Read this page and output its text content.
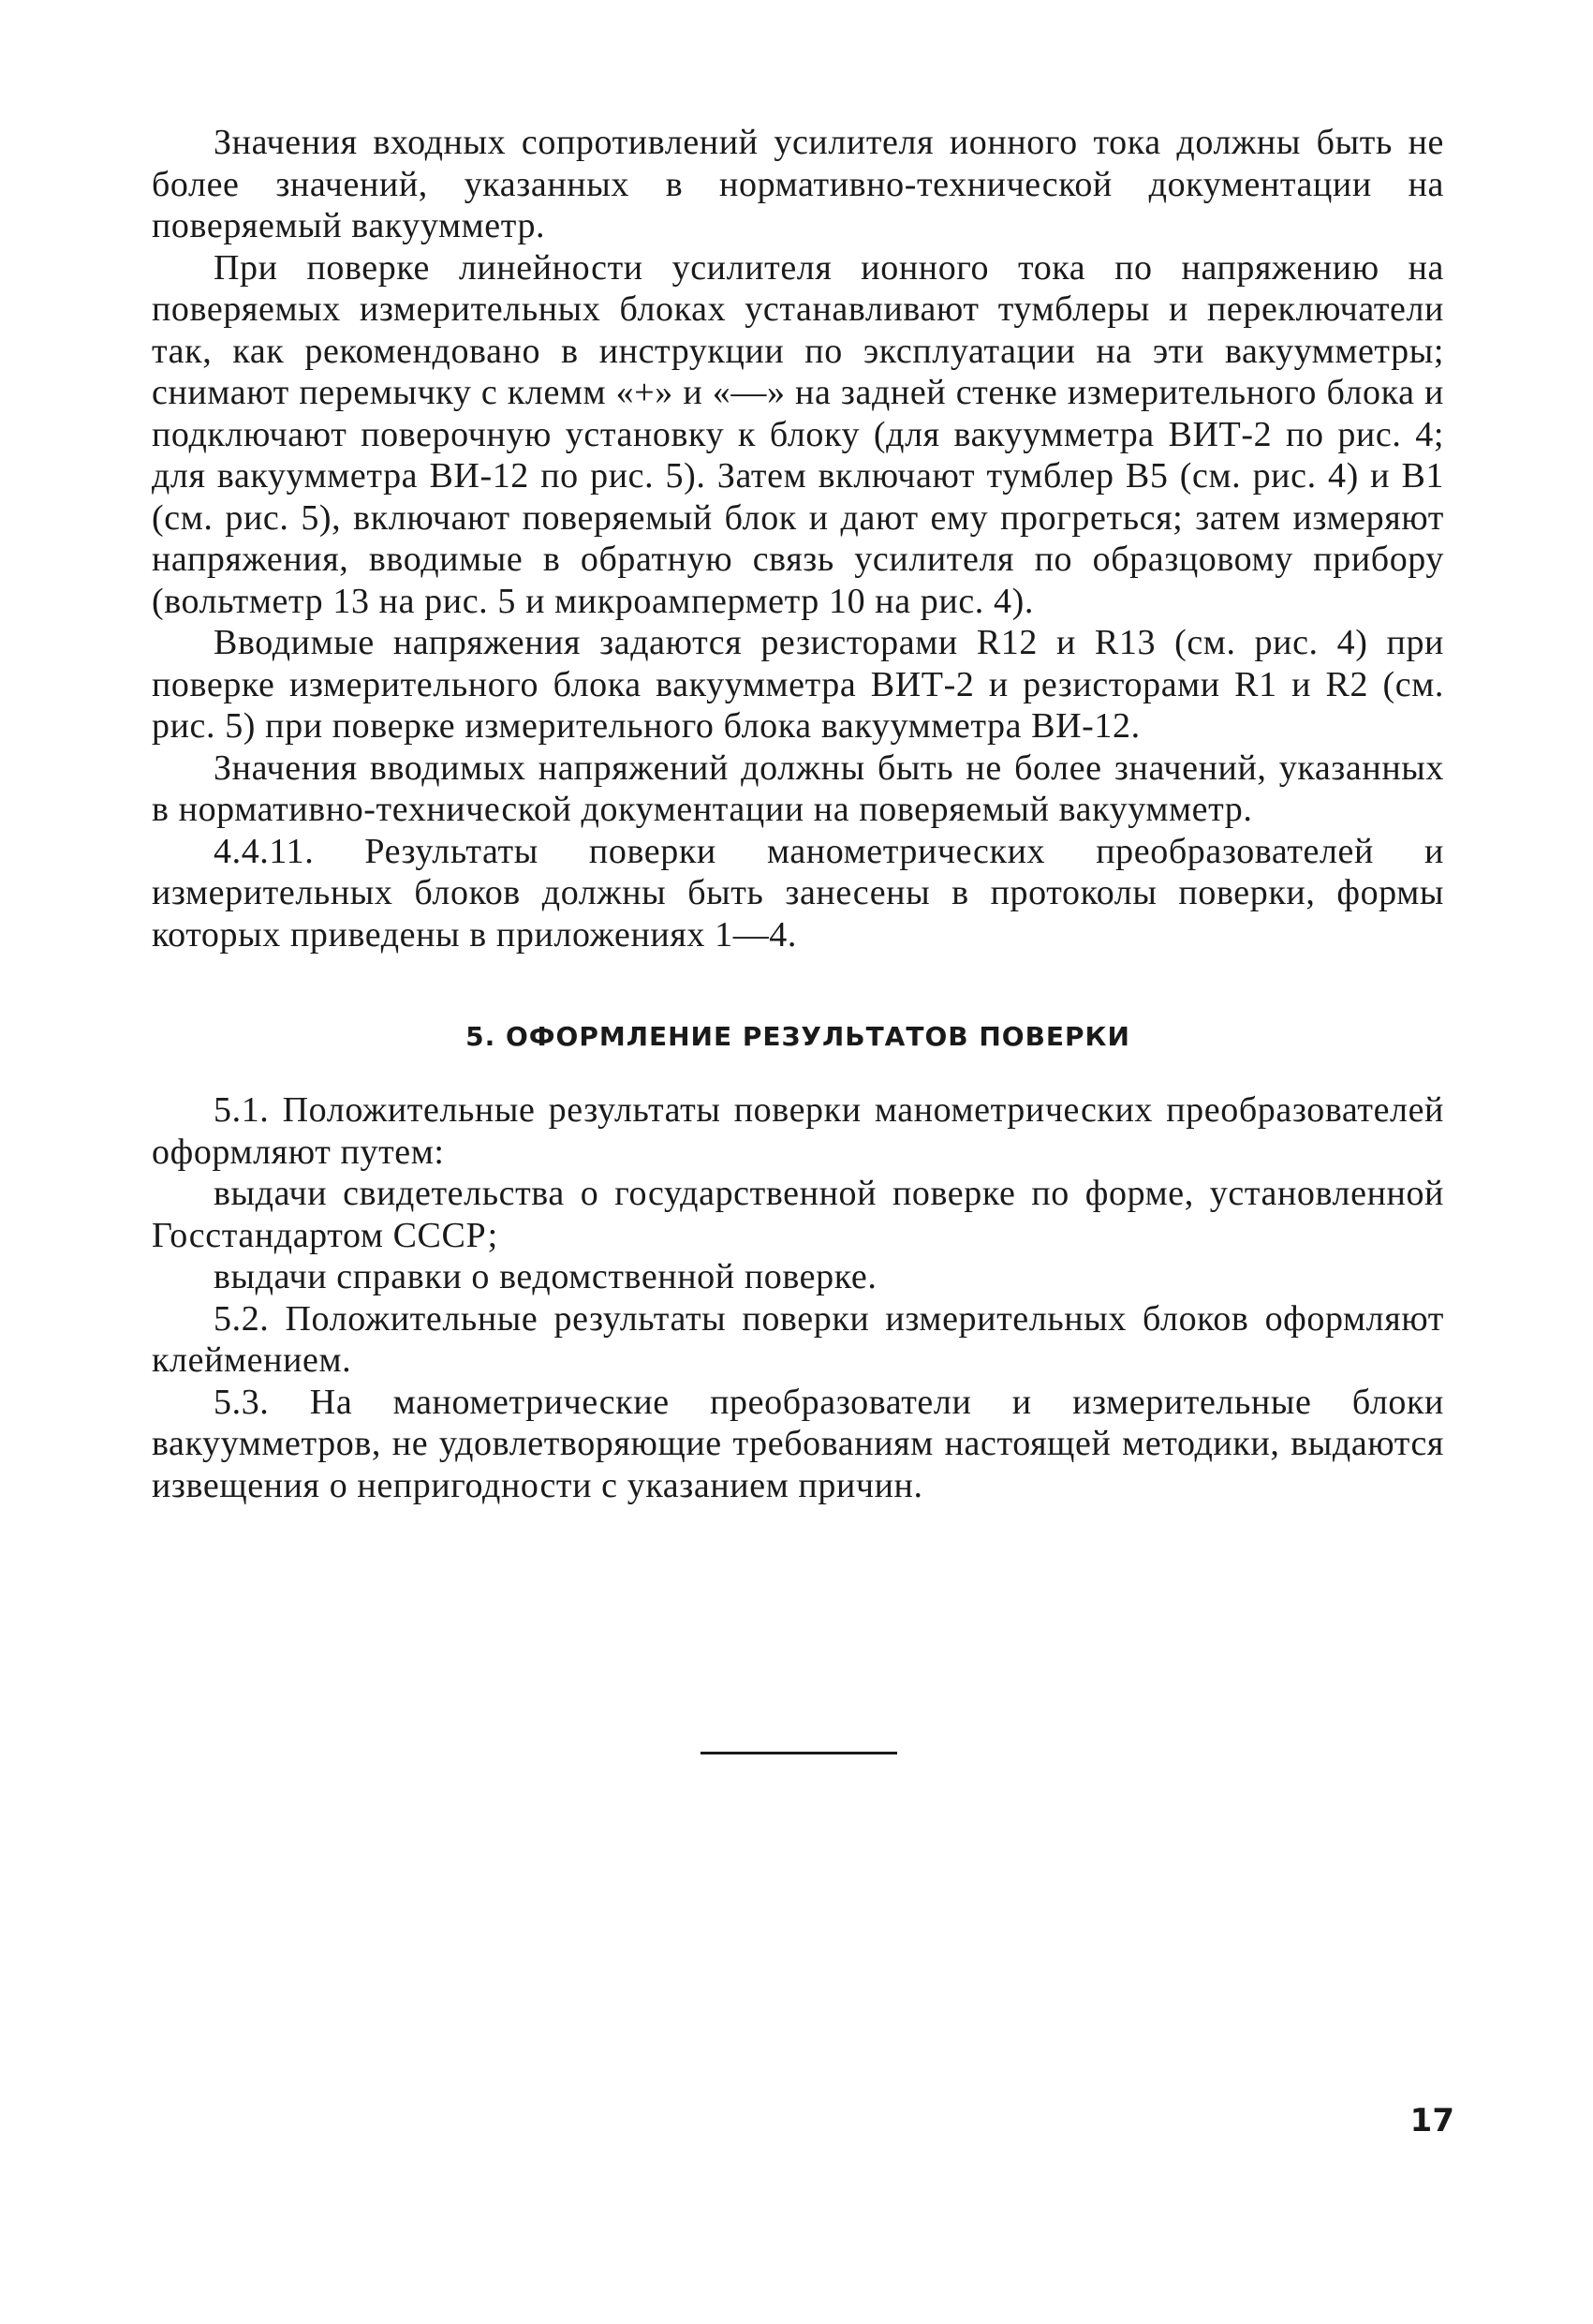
Значения входных сопротивлений усилителя ионного тока должны быть не более значений, указанных в нормативно-технической документации на поверяемый вакуумметр.

При поверке линейности усилителя ионного тока по напряжению на поверяемых измерительных блоках устанавливают тумблеры и переключатели так, как рекомендовано в инструкции по эксплуатации на эти вакуумметры; снимают перемычку с клемм «+» и «—» на задней стенке измерительного блока и подключают поверочную установку к блоку (для вакуумметра ВИТ-2 по рис. 4; для вакуумметра ВИ-12 по рис. 5). Затем включают тумблер В5 (см. рис. 4) и В1 (см. рис. 5), включают поверяемый блок и дают ему прогреться; затем измеряют напряжения, вводимые в обратную связь усилителя по образцовому прибору (вольтметр 13 на рис. 5 и микроамперметр 10 на рис. 4).

Вводимые напряжения задаются резисторами R12 и R13 (см. рис. 4) при поверке измерительного блока вакуумметра ВИТ-2 и резисторами R1 и R2 (см. рис. 5) при поверке измерительного блока вакуумметра ВИ-12.

Значения вводимых напряжений должны быть не более значений, указанных в нормативно-технической документации на поверяемый вакуумметр.

4.4.11. Результаты поверки манометрических преобразователей и измерительных блоков должны быть занесены в протоколы поверки, формы которых приведены в приложениях 1—4.

5. ОФОРМЛЕНИЕ РЕЗУЛЬТАТОВ ПОВЕРКИ

5.1. Положительные результаты поверки манометрических преобразователей оформляют путем:

выдачи свидетельства о государственной поверке по форме, установленной Госстандартом СССР;

выдачи справки о ведомственной поверке.

5.2. Положительные результаты поверки измерительных блоков оформляют клеймением.

5.3. На манометрические преобразователи и измерительные блоки вакуумметров, не удовлетворяющие требованиям настоящей методики, выдаются извещения о непригодности с указанием причин.

17
